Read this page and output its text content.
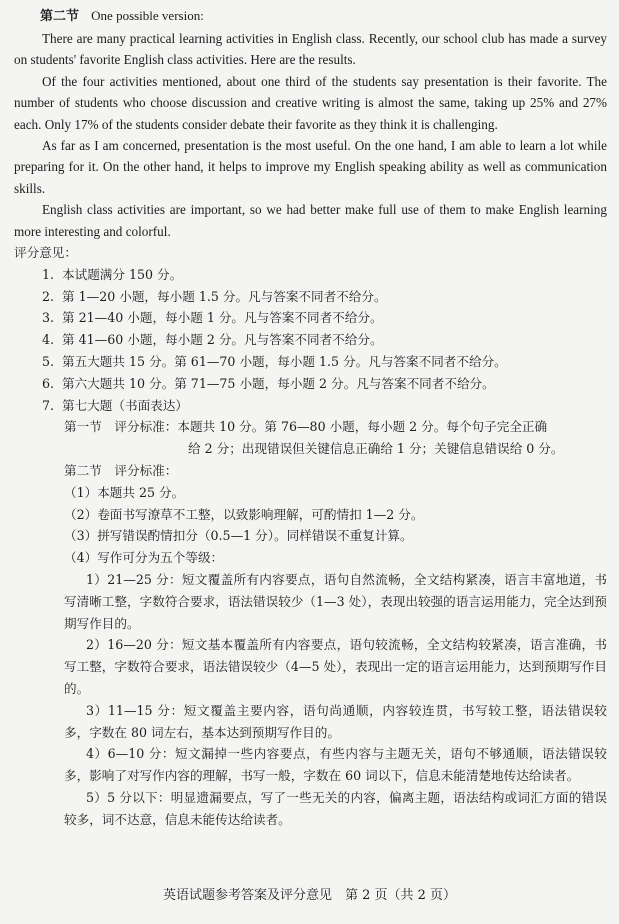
第二节 One possible version:

There are many practical learning activities in English class. Recently, our school club has made a survey on students' favorite English class activities. Here are the results.

Of the four activities mentioned, about one third of the students say presentation is their favorite. The number of students who choose discussion and creative writing is almost the same, taking up 25% and 27% each. Only 17% of the students consider debate their favorite as they think it is challenging.

As far as I am concerned, presentation is the most useful. On the one hand, I am able to learn a lot while preparing for it. On the other hand, it helps to improve my English speaking ability as well as communication skills.

English class activities are important, so we had better make full use of them to make English learning more interesting and colorful.

评分意见：
1. 本试题满分 150 分。
2. 第 1—20 小题，每小题 1.5 分。凡与答案不同者不给分。
3. 第 21—40 小题，每小题 1 分。凡与答案不同者不给分。
4. 第 41—60 小题，每小题 2 分。凡与答案不同者不给分。
5. 第五大题共 15 分。第 61—70 小题，每小题 1.5 分。凡与答案不同者不给分。
6. 第六大题共 10 分。第 71—75 小题，每小题 2 分。凡与答案不同者不给分。
7. 第七大题（书面表达）
第一节　评分标准：本题共 10 分。第 76—80 小题，每小题 2 分。每个句子完全正确
给 2 分；出现错误但关键信息正确给 1 分；关键信息错误给 0 分。
第二节　评分标准：
（1）本题共 25 分。
（2）卷面书写潦草不工整，以致影响理解，可酌情扣 1—2 分。
（3）拼写错误酌情扣分（0.5—1 分）。同样错误不重复计算。
（4）写作可分为五个等级：
1）21—25 分：短文覆盖所有内容要点，语句自然流畅，全文结构紧凑，语言丰富地道，书写清晰工整，字数符合要求，语法错误较少（1—3 处），表现出较强的语言运用能力，完全达到预期写作目的。
2）16—20 分：短文基本覆盖所有内容要点，语句较流畅，全文结构较紧凑，语言准确，书写工整，字数符合要求，语法错误较少（4—5 处），表现出一定的语言运用能力，达到预期写作目的。
3）11—15 分：短文覆盖主要内容，语句尚通顺，内容较连贯，书写较工整，语法错误较多，字数在 80 词左右，基本达到预期写作目的。
4）6—10 分：短文漏掉一些内容要点，有些内容与主题无关，语句不够通顺，语法错误较多，影响了对写作内容的理解，书写一般，字数在 60 词以下，信息未能清楚地传达给读者。
5）5 分以下：明显遗漏要点，写了一些无关的内容，偏离主题，语法结构或词汇方面的错误较多，词不达意，信息未能传达给读者。
英语试题参考答案及评分意见　第 2 页（共 2 页）
